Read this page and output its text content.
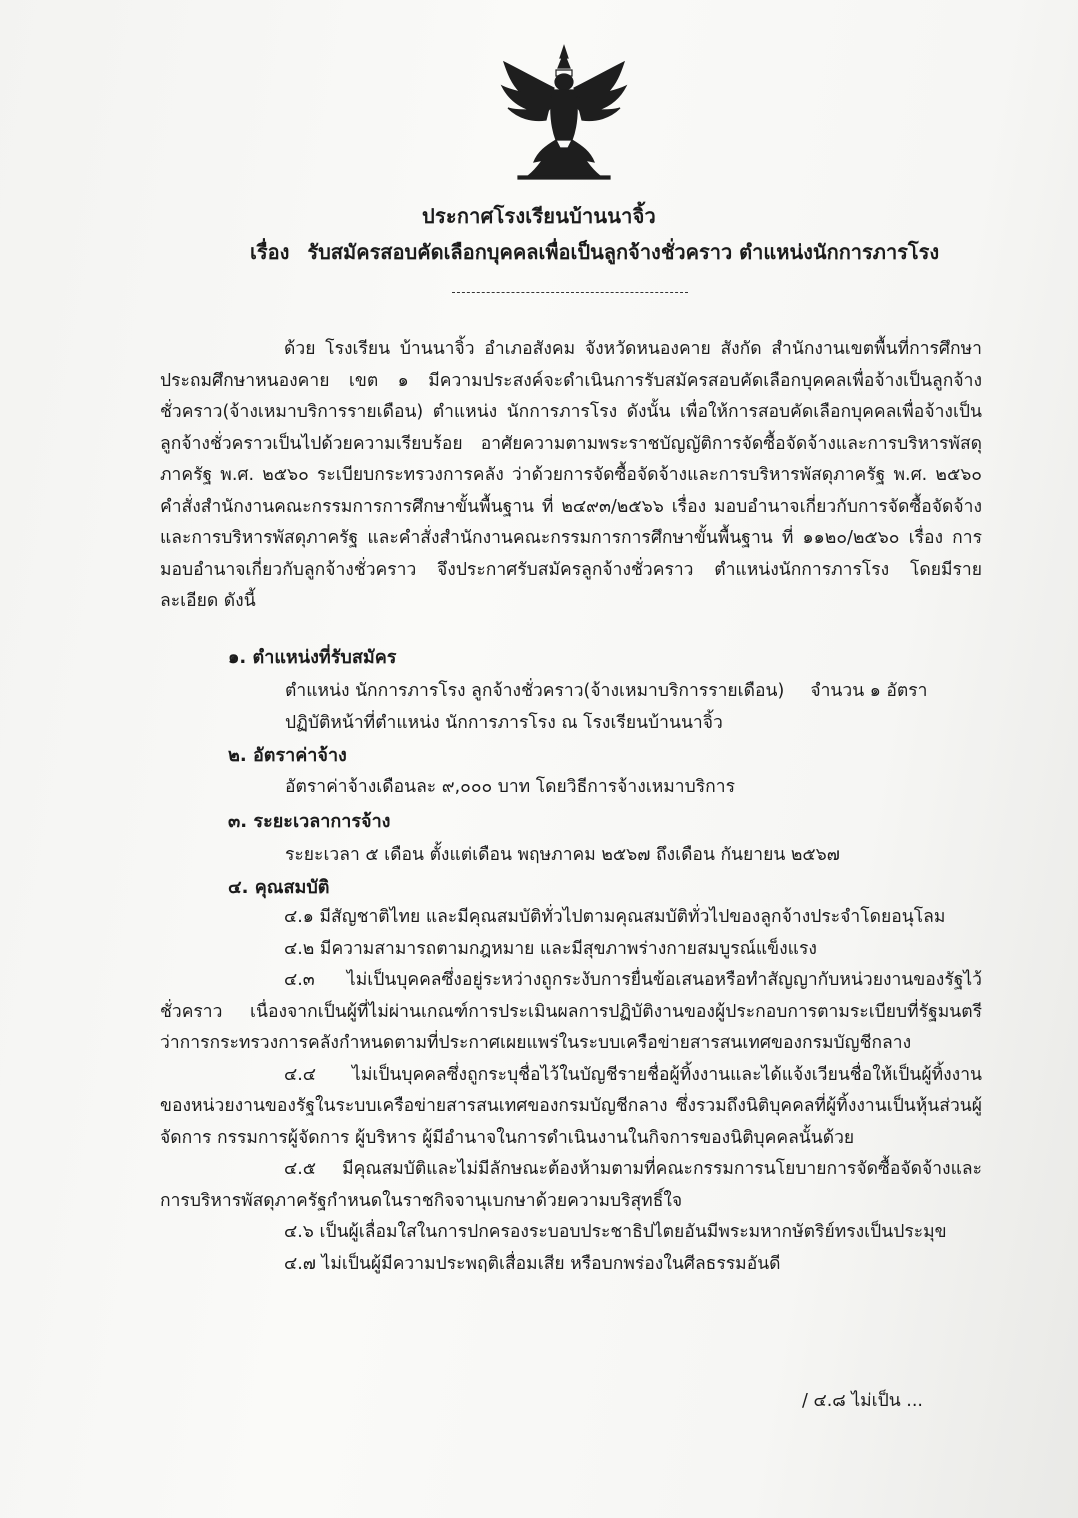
ประกาศโรงเรียนบ้านนาจิ้ว
เรื่อง รับสมัครสอบคัดเลือกบุคคลเพื่อเป็นลูกจ้างชั่วคราว ตำแหน่งนักการภารโรง

ด้วย โรงเรียน บ้านนาจิ้ว อำเภอสังคม จังหวัดหนองคาย สังกัด สำนักงานเขตพื้นที่การศึกษาประถมศึกษาหนองคาย เขต ๑ มีความประสงค์จะดำเนินการรับสมัครสอบคัดเลือกบุคคลเพื่อจ้างเป็นลูกจ้างชั่วคราว(จ้างเหมาบริการรายเดือน) ตำแหน่ง นักการภารโรง ดังนั้น เพื่อให้การสอบคัดเลือกบุคคลเพื่อจ้างเป็นลูกจ้างชั่วคราวเป็นไปด้วยความเรียบร้อย อาศัยความตามพระราชบัญญัติการจัดซื้อจัดจ้างและการบริหารพัสดุภาครัฐ พ.ศ. ๒๕๖๐ ระเบียบกระทรวงการคลัง ว่าด้วยการจัดซื้อจัดจ้างและการบริหารพัสดุภาครัฐ พ.ศ. ๒๕๖๐ คำสั่งสำนักงานคณะกรรมการการศึกษาขั้นพื้นฐาน ที่ ๒๔๙๓/๒๕๖๖ เรื่อง มอบอำนาจเกี่ยวกับการจัดซื้อจัดจ้างและการบริหารพัสดุภาครัฐ และคำสั่งสำนักงานคณะกรรมการการศึกษาขั้นพื้นฐาน ที่ ๑๑๒๐/๒๕๖๐ เรื่อง การมอบอำนาจเกี่ยวกับลูกจ้างชั่วคราว จึงประกาศรับสมัครลูกจ้างชั่วคราว ตำแหน่งนักการภารโรง โดยมีรายละเอียด ดังนี้

๑. ตำแหน่งที่รับสมัคร
ตำแหน่ง นักการภารโรง ลูกจ้างชั่วคราว(จ้างเหมาบริการรายเดือน) จำนวน ๑ อัตรา
ปฏิบัติหน้าที่ตำแหน่ง นักการภารโรง ณ โรงเรียนบ้านนาจิ้ว
๒. อัตราค่าจ้าง
อัตราค่าจ้างเดือนละ ๙,๐๐๐ บาท โดยวิธีการจ้างเหมาบริการ
๓. ระยะเวลาการจ้าง
ระยะเวลา ๕ เดือน ตั้งแต่เดือน พฤษภาคม ๒๕๖๗ ถึงเดือน กันยายน ๒๕๖๗
๔. คุณสมบัติ

๔.๑ มีสัญชาติไทย และมีคุณสมบัติทั่วไปตามคุณสมบัติทั่วไปของลูกจ้างประจำโดยอนุโลม

๔.๒ มีความสามารถตามกฎหมาย และมีสุขภาพร่างกายสมบูรณ์แข็งแรง

๔.๓ ไม่เป็นบุคคลซึ่งอยู่ระหว่างถูกระงับการยื่นข้อเสนอหรือทำสัญญากับหน่วยงานของรัฐไว้ชั่วคราว เนื่องจากเป็นผู้ที่ไม่ผ่านเกณฑ์การประเมินผลการปฏิบัติงานของผู้ประกอบการตามระเบียบที่รัฐมนตรีว่าการกระทรวงการคลังกำหนดตามที่ประกาศเผยแพร่ในระบบเครือข่ายสารสนเทศของกรมบัญชีกลาง

๔.๔ ไม่เป็นบุคคลซึ่งถูกระบุชื่อไว้ในบัญชีรายชื่อผู้ทิ้งงานและได้แจ้งเวียนชื่อให้เป็นผู้ทิ้งงานของหน่วยงานของรัฐในระบบเครือข่ายสารสนเทศของกรมบัญชีกลาง ซึ่งรวมถึงนิติบุคคลที่ผู้ทิ้งงานเป็นหุ้นส่วนผู้จัดการ กรรมการผู้จัดการ ผู้บริหาร ผู้มีอำนาจในการดำเนินงานในกิจการของนิติบุคคลนั้นด้วย

๔.๕ มีคุณสมบัติและไม่มีลักษณะต้องห้ามตามที่คณะกรรมการนโยบายการจัดซื้อจัดจ้างและการบริหารพัสดุภาครัฐกำหนดในราชกิจจานุเบกษาด้วยความบริสุทธิ์ใจ

๔.๖ เป็นผู้เลื่อมใสในการปกครองระบอบประชาธิปไตยอันมีพระมหากษัตริย์ทรงเป็นประมุข

๔.๗ ไม่เป็นผู้มีความประพฤติเสื่อมเสีย หรือบกพร่องในศีลธรรมอันดี

/ ๔.๘ ไม่เป็น ...
